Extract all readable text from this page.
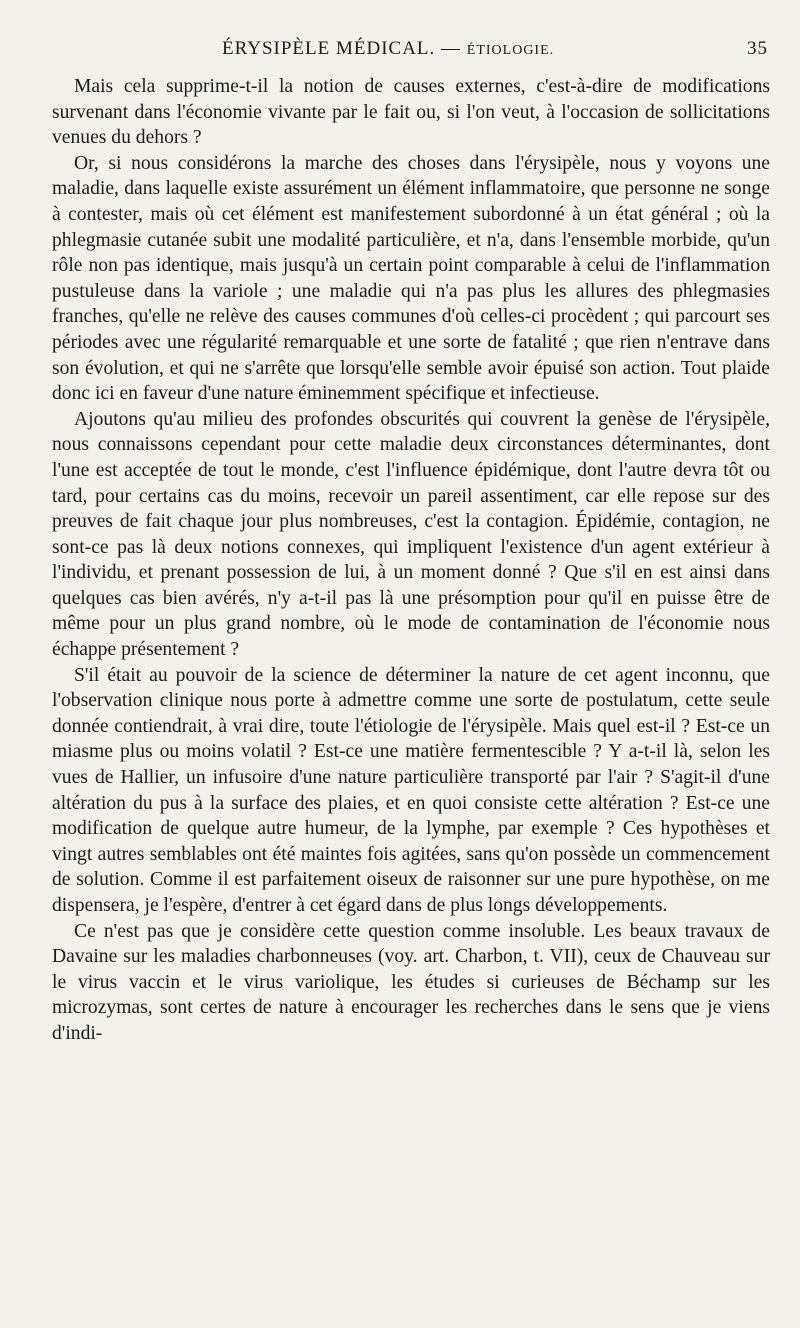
ÉRYSIPÈLE MÉDICAL. — ÉTIOLOGIE.	35

Mais cela supprime-t-il la notion de causes externes, c'est-à-dire de modifications survenant dans l'économie vivante par le fait ou, si l'on veut, à l'occasion de sollicitations venues du dehors ?

Or, si nous considérons la marche des choses dans l'érysipèle, nous y voyons une maladie, dans laquelle existe assurément un élément inflammatoire, que personne ne songe à contester, mais où cet élément est manifestement subordonné à un état général ; où la phlegmasie cutanée subit une modalité particulière, et n'a, dans l'ensemble morbide, qu'un rôle non pas identique, mais jusqu'à un certain point comparable à celui de l'inflammation pustuleuse dans la variole ; une maladie qui n'a pas plus les allures des phlegmasies franches, qu'elle ne relève des causes communes d'où celles-ci procèdent ; qui parcourt ses périodes avec une régularité remarquable et une sorte de fatalité ; que rien n'entrave dans son évolution, et qui ne s'arrête que lorsqu'elle semble avoir épuisé son action. Tout plaide donc ici en faveur d'une nature éminemment spécifique et infectieuse.

Ajoutons qu'au milieu des profondes obscurités qui couvrent la genèse de l'érysipèle, nous connaissons cependant pour cette maladie deux circonstances déterminantes, dont l'une est acceptée de tout le monde, c'est l'influence épidémique, dont l'autre devra tôt ou tard, pour certains cas du moins, recevoir un pareil assentiment, car elle repose sur des preuves de fait chaque jour plus nombreuses, c'est la contagion. Épidémie, contagion, ne sont-ce pas là deux notions connexes, qui impliquent l'existence d'un agent extérieur à l'individu, et prenant possession de lui, à un moment donné ? Que s'il en est ainsi dans quelques cas bien avérés, n'y a-t-il pas là une présomption pour qu'il en puisse être de même pour un plus grand nombre, où le mode de contamination de l'économie nous échappe présentement ?

S'il était au pouvoir de la science de déterminer la nature de cet agent inconnu, que l'observation clinique nous porte à admettre comme une sorte de postulatum, cette seule donnée contiendrait, à vrai dire, toute l'étiologie de l'érysipèle. Mais quel est-il ? Est-ce un miasme plus ou moins volatil ? Est-ce une matière fermentescible ? Y a-t-il là, selon les vues de Hallier, un infusoire d'une nature particulière transporté par l'air ? S'agit-il d'une altération du pus à la surface des plaies, et en quoi consiste cette altération ? Est-ce une modification de quelque autre humeur, de la lymphe, par exemple ? Ces hypothèses et vingt autres semblables ont été maintes fois agitées, sans qu'on possède un commencement de solution. Comme il est parfaitement oiseux de raisonner sur une pure hypothèse, on me dispensera, je l'espère, d'entrer à cet égard dans de plus longs développements.

Ce n'est pas que je considère cette question comme insoluble. Les beaux travaux de Davaine sur les maladies charbonneuses (voy. art. Charbon, t. VII), ceux de Chauveau sur le virus vaccin et le virus variolique, les études si curieuses de Béchamp sur les microzymas, sont certes de nature à encourager les recherches dans le sens que je viens d'indi-
